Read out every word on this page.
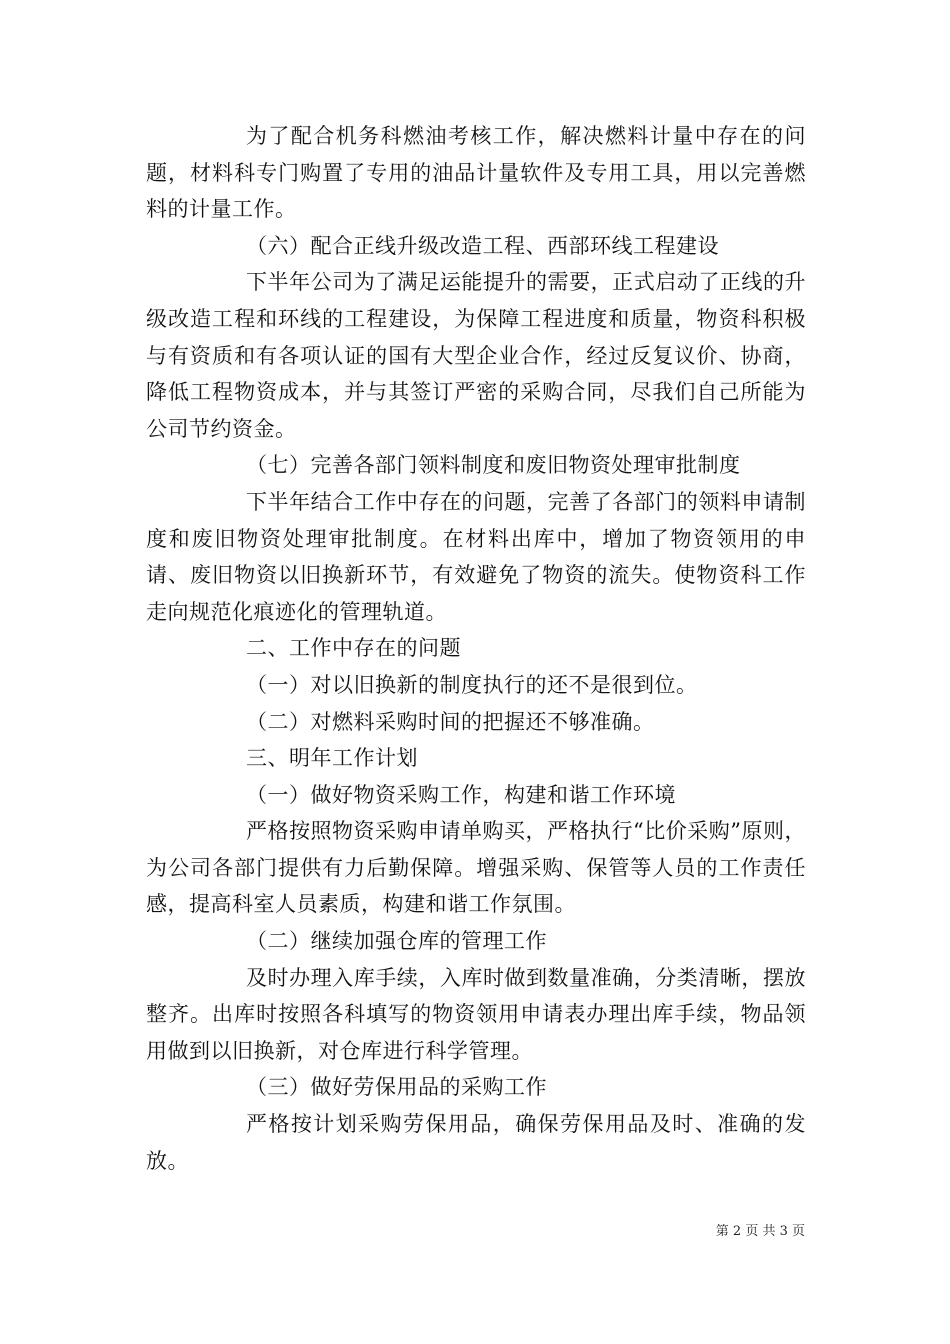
为了配合机务科燃油考核工作，解决燃料计量中存在的问题，材料科专门购置了专用的油品计量软件及专用工具，用以完善燃料的计量工作。

（六）配合正线升级改造工程、西部环线工程建设

下半年公司为了满足运能提升的需要，正式启动了正线的升级改造工程和环线的工程建设，为保障工程进度和质量，物资科积极与有资质和有各项认证的国有大型企业合作，经过反复议价、协商，降低工程物资成本，并与其签订严密的采购合同，尽我们自己所能为公司节约资金。

（七）完善各部门领料制度和废旧物资处理审批制度

下半年结合工作中存在的问题，完善了各部门的领料申请制度和废旧物资处理审批制度。在材料出库中，增加了物资领用的申请、废旧物资以旧换新环节，有效避免了物资的流失。使物资科工作走向规范化痕迹化的管理轨道。

二、工作中存在的问题

（一）对以旧换新的制度执行的还不是很到位。

（二）对燃料采购时间的把握还不够准确。

三、明年工作计划

（一）做好物资采购工作，构建和谐工作环境

严格按照物资采购申请单购买，严格执行“比价采购”原则，为公司各部门提供有力后勤保障。增强采购、保管等人员的工作责任感，提高科室人员素质，构建和谐工作氛围。

（二）继续加强仓库的管理工作

及时办理入库手续，入库时做到数量准确，分类清晰，摆放整齐。出库时按照各科填写的物资领用申请表办理出库手续，物品领用做到以旧换新，对仓库进行科学管理。

（三）做好劳保用品的采购工作

严格按计划采购劳保用品，确保劳保用品及时、准确的发放。

第 2 页 共 3 页
